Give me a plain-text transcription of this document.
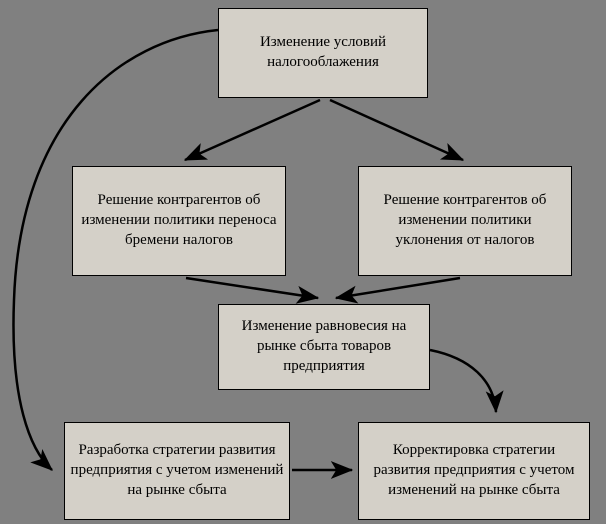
Изменение условий налогооблажения
Решение контрагентов об изменении политики переноса бремени налогов
Решение контрагентов об изменении политики уклонения от налогов
Изменение равновесия на рынке сбыта товаров предприятия
Разработка стратегии развития предприятия с учетом изменений на рынке сбыта
Корректировка стратегии развития предприятия с учетом изменений на рынке сбыта
